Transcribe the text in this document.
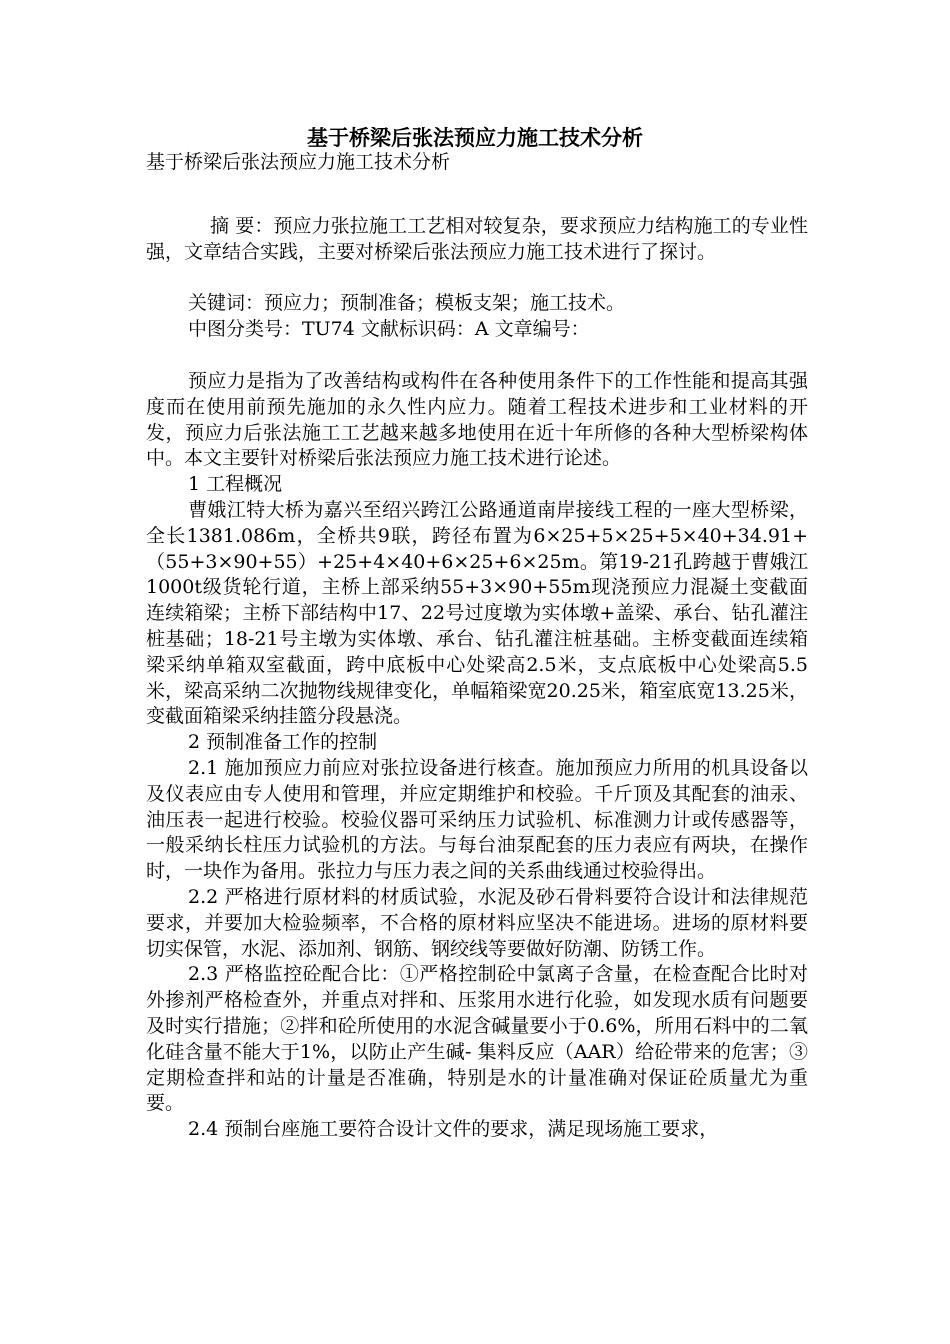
基于桥梁后张法预应力施工技术分析

基于桥梁后张法预应力施工技术分析

摘 要：预应力张拉施工工艺相对较复杂，要求预应力结构施工的专业性强，文章结合实践，主要对桥梁后张法预应力施工技术进行了探讨。

关键词：预应力；预制准备；模板支架；施工技术。

中图分类号：TU74 文献标识码：A 文章编号：

预应力是指为了改善结构或构件在各种使用条件下的工作性能和提高其强度而在使用前预先施加的永久性内应力。随着工程技术进步和工业材料的开发，预应力后张法施工工艺越来越多地使用在近十年所修的各种大型桥梁构体中。本文主要针对桥梁后张法预应力施工技术进行论述。

1 工程概况

曹娥江特大桥为嘉兴至绍兴跨江公路通道南岸接线工程的一座大型桥梁，全长1381.086m，全桥共9联，跨径布置为6×25+5×25+5×40+34.91+（55+3×90+55）+25+4×40+6×25+6×25m。第19-21孔跨越于曹娥江1000t级货轮行道，主桥上部采纳55+3×90+55m现浇预应力混凝土变截面连续箱梁；主桥下部结构中17、22号过度墩为实体墩+盖梁、承台、钻孔灌注桩基础；18-21号主墩为实体墩、承台、钻孔灌注桩基础。主桥变截面连续箱梁采纳单箱双室截面，跨中底板中心处梁高2.5米，支点底板中心处梁高5.5米，梁高采纳二次抛物线规律变化，单幅箱梁宽20.25米，箱室底宽13.25米，变截面箱梁采纳挂篮分段悬浇。

2 预制准备工作的控制

2.1 施加预应力前应对张拉设备进行核查。施加预应力所用的机具设备以及仪表应由专人使用和管理，并应定期维护和校验。千斤顶及其配套的油汞、油压表一起进行校验。校验仪器可采纳压力试验机、标准测力计或传感器等，一般采纳长柱压力试验机的方法。与每台油泵配套的压力表应有两块，在操作时，一块作为备用。张拉力与压力表之间的关系曲线通过校验得出。

2.2 严格进行原材料的材质试验，水泥及砂石骨料要符合设计和法律规范要求，并要加大检验频率，不合格的原材料应坚决不能进场。进场的原材料要切实保管，水泥、添加剂、钢筋、钢绞线等要做好防潮、防锈工作。

2.3 严格监控砼配合比：①严格控制砼中氯离子含量，在检查配合比时对外掺剂严格检查外，并重点对拌和、压浆用水进行化验，如发现水质有问题要及时实行措施；②拌和砼所使用的水泥含碱量要小于0.6%，所用石料中的二氧化硅含量不能大于1%，以防止产生碱- 集料反应（AAR）给砼带来的危害；③定期检查拌和站的计量是否准确，特别是水的计量准确对保证砼质量尤为重要。

2.4 预制台座施工要符合设计文件的要求，满足现场施工要求，
